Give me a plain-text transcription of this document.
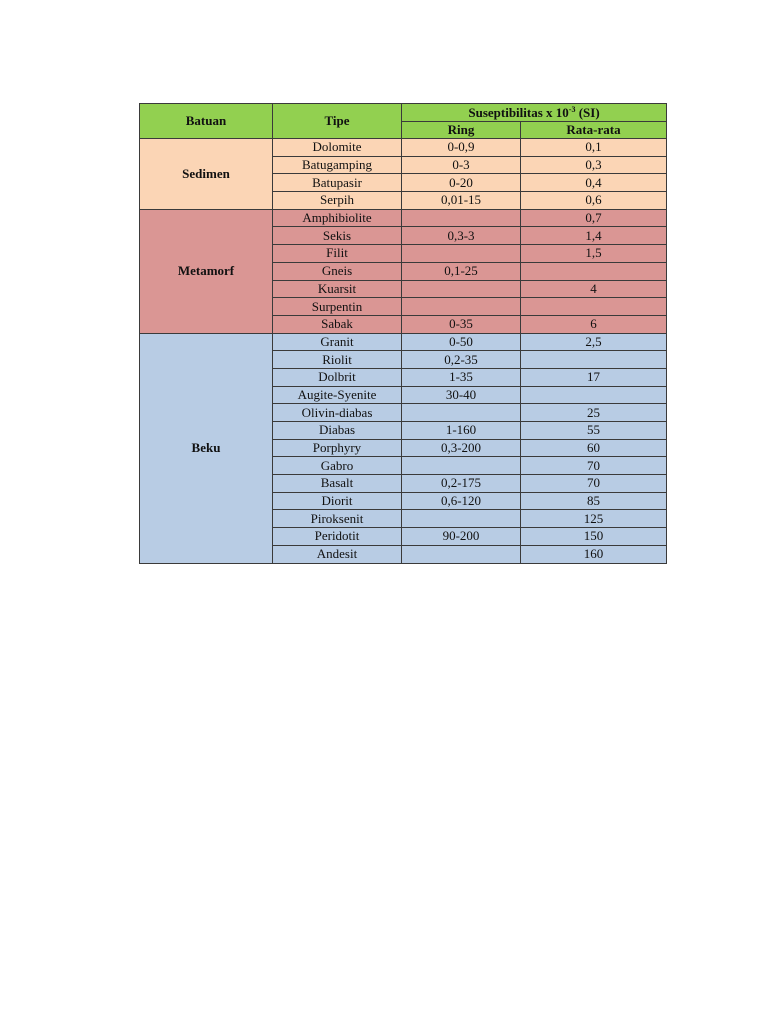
Batuan	Tipe	Suseptibilitas x $10^{-3}$ (SI)	
		Ring	Rata-rata
Sedimen	Dolomite	0-0,9	0,1
	Batugamping	0-3	0,3
	Batupasir	0-20	0,4
	Serpih	0,01-15	0,6
Metamorf	Amphibiolite		0,7
	Sekis	0,3-3	1,4
	Filit		1,5
	Gneis	0,1-25	
	Kuarsit		4
	Surpentin		
	Sabak	0-35	6
Beku	Granit	0-50	2,5
	Riolit	0,2-35	
	Dolbrit	1-35	17
	Augite-Syenite	30-40	
	Olivin-diabas		25
	Diabas	1-160	55
	Porphyry	0,3-200	60
	Gabro		70
	Basalt	0,2-175	70
	Diorit	0,6-120	85
	Piroksenit		125
	Peridotit	90-200	150
	Andesit		160
